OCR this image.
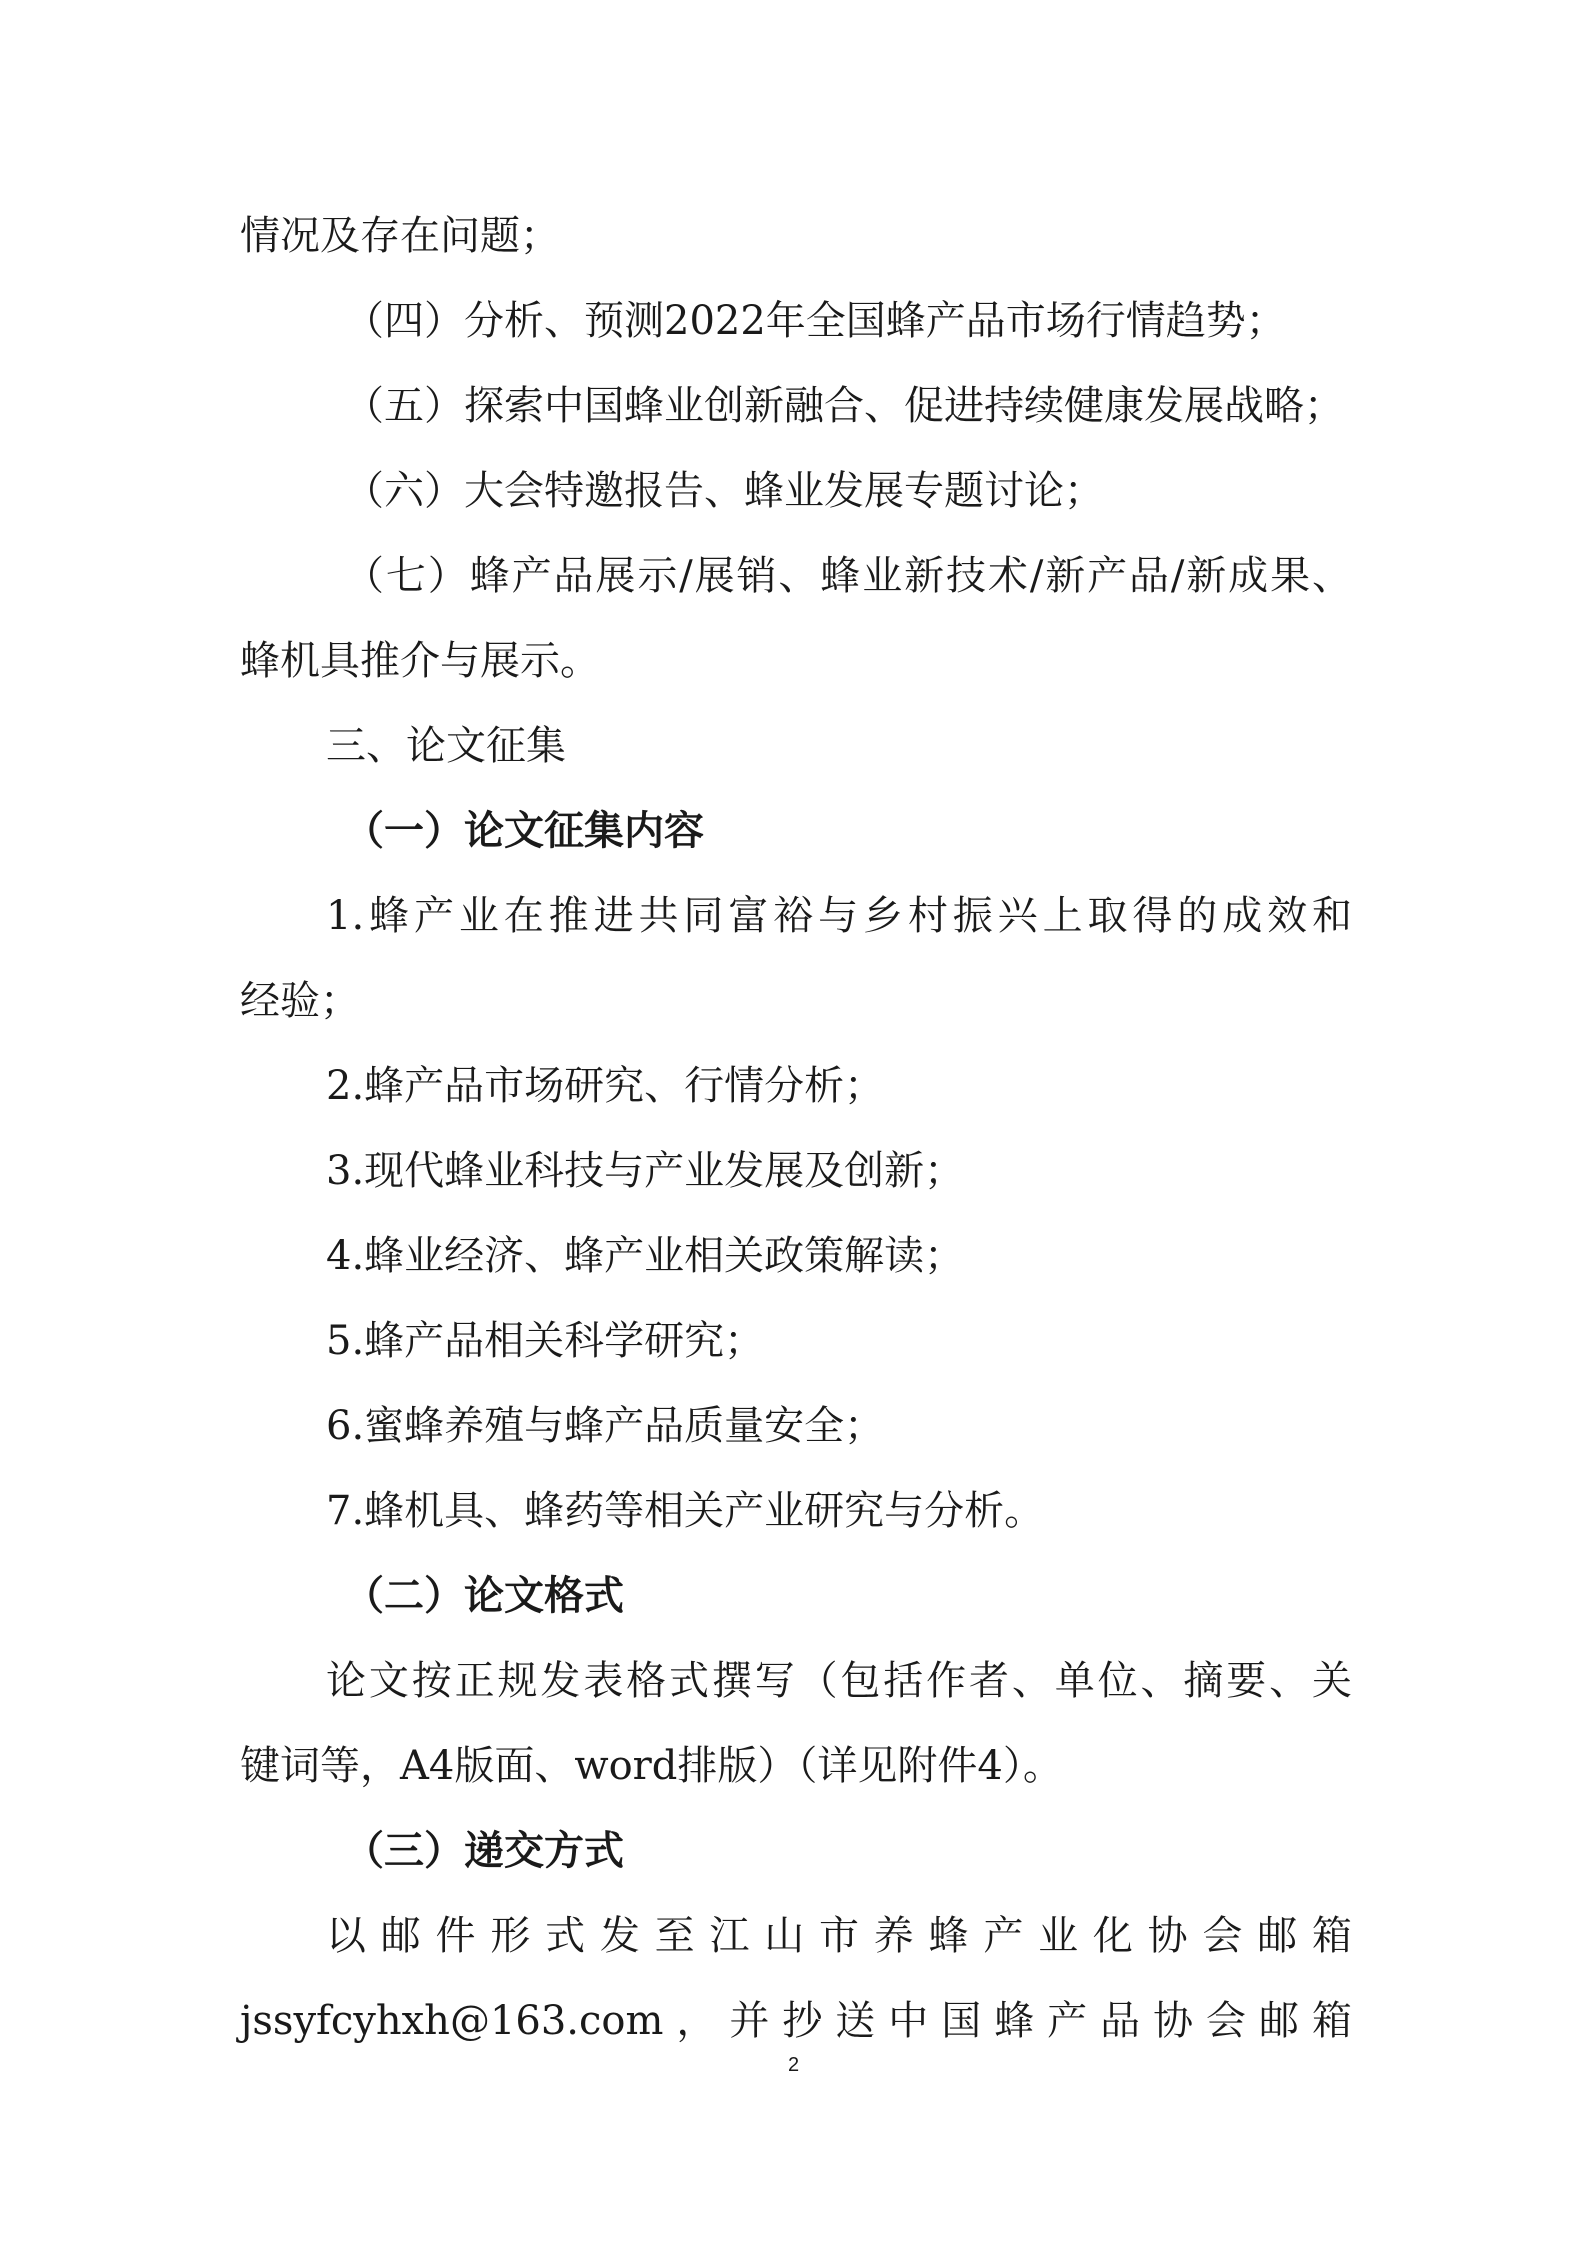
情况及存在问题；
（四）分析、预测2022年全国蜂产品市场行情趋势；
（五）探索中国蜂业创新融合、促进持续健康发展战略；
（六）大会特邀报告、蜂业发展专题讨论；
（七）蜂产品展示/展销、蜂业新技术/新产品/新成果、
蜂机具推介与展示。
三、论文征集
（一）论文征集内容
1.蜂产业在推进共同富裕与乡村振兴上取得的成效和
经验；
2.蜂产品市场研究、行情分析；
3.现代蜂业科技与产业发展及创新；
4.蜂业经济、蜂产业相关政策解读；
5.蜂产品相关科学研究；
6.蜜蜂养殖与蜂产品质量安全；
7.蜂机具、蜂药等相关产业研究与分析。
（二）论文格式
论文按正规发表格式撰写（包括作者、单位、摘要、关
键词等，A4版面、word排版）（详见附件4）。
（三）递交方式
以邮件形式发至江山市养蜂产业化协会邮箱
jssyfcyhxh@163.com，并抄送中国蜂产品协会邮箱
2
